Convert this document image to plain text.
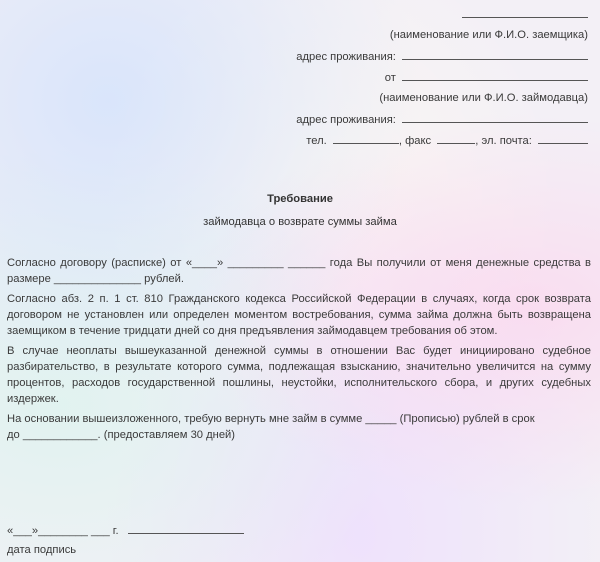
(наименование или Ф.И.О. заемщика)
адрес проживания:
от
(наименование или Ф.И.О. займодавца)
адрес проживания:
тел.	, факс	, эл. почта:
Требование
займодавца о возврате суммы займа

Согласно договору (расписке) от «____» _________ ______ года Вы получили от меня денежные средства в размере ______________ рублей.

Согласно абз. 2 п. 1 ст. 810 Гражданского кодекса Российской Федерации в случаях, когда срок возврата договором не установлен или определен моментом востребования, сумма займа должна быть возвращена заемщиком в течение тридцати дней со дня предъявления займодавцем требования об этом.

В случае неоплаты вышеуказанной денежной суммы в отношении Вас будет инициировано судебное разбирательство, в результате которого сумма, подлежащая взысканию, значительно увеличится на сумму процентов, расходов государственной пошлины, неустойки, исполнительского сбора, и других судебных издержек.

На основании вышеизложенного, требую вернуть мне займ в сумме _____ (Прописью) рублей в срок
до ____________. (предоставляем 30 дней)

«___»________ ___ г.
дата подпись
